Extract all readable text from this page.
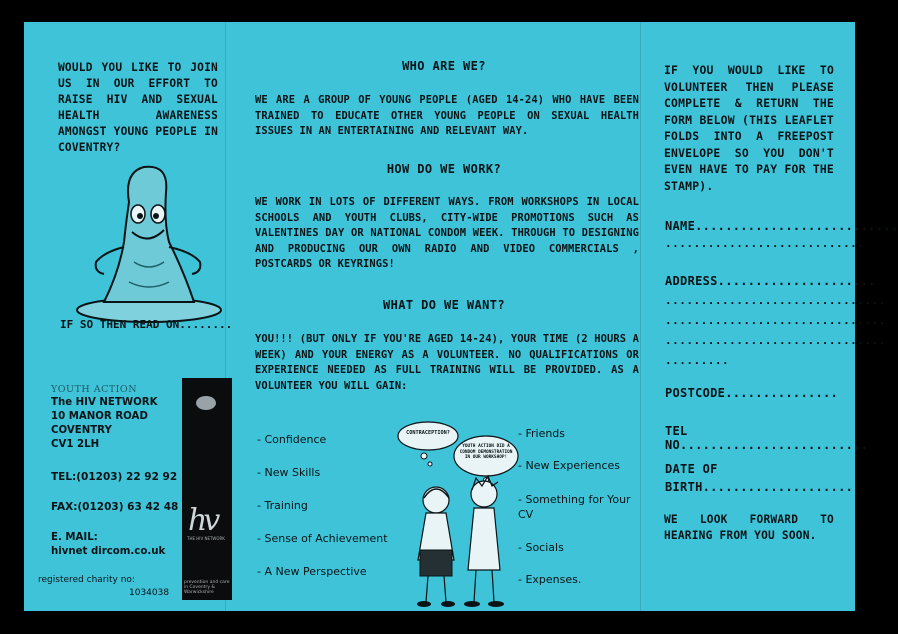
WOULD YOU LIKE TO JOIN US IN OUR EFFORT TO RAISE HIV AND SEXUAL HEALTH AWARENESS AMONGST YOUNG PEOPLE IN COVENTRY?

IF SO THEN READ ON........

YOUTH ACTION

The HIV NETWORK
10 MANOR ROAD
COVENTRY
CV1 2LH

TEL:(01203) 22 92 92

FAX:(01203) 63 42 48

E. MAIL:
hivnet dircom.co.uk

registered charity no:

1034038

hv
THE HIV NETWORK
prevention and care in Coventry & Warwickshire

WHO ARE WE?

WE ARE A GROUP OF YOUNG PEOPLE (AGED 14-24) WHO HAVE BEEN TRAINED TO EDUCATE OTHER YOUNG PEOPLE ON SEXUAL HEALTH ISSUES IN AN ENTERTAINING AND RELEVANT WAY.

HOW DO WE WORK?

WE WORK IN LOTS OF DIFFERENT WAYS. FROM WORKSHOPS IN LOCAL SCHOOLS AND YOUTH CLUBS, CITY-WIDE PROMOTIONS SUCH AS VALENTINES DAY OR NATIONAL CONDOM WEEK. THROUGH TO DESIGNING AND PRODUCING OUR OWN RADIO AND VIDEO COMMERCIALS , POSTCARDS OR KEYRINGS!

WHAT DO WE WANT?

YOU!!! (BUT ONLY IF YOU'RE AGED 14-24), YOUR TIME (2 HOURS A WEEK) AND YOUR ENERGY AS A VOLUNTEER. NO QUALIFICATIONS OR EXPERIENCE NEEDED AS FULL TRAINING WILL BE PROVIDED. AS A VOLUNTEER YOU WILL GAIN:

- Confidence

- New Skills

- Training

- Sense of Achievement

- A New Perspective

- Friends

- New Experiences

- Something for Your CV

- Socials

- Expenses.

CONTRACEPTION?

YOUTH ACTION DID A CONDOM DEMONSTRATION IN OUR WORKSHOP!

IF YOU WOULD LIKE TO VOLUNTEER THEN PLEASE COMPLETE & RETURN THE FORM BELOW (THIS LEAFLET FOLDS INTO A FREEPOST ENVELOPE SO YOU DON'T EVEN HAVE TO PAY FOR THE STAMP).

NAME...........................

............................

ADDRESS.....................

...............................

...............................

...............................

.........

POSTCODE...............

TEL NO.........................

DATE OF

BIRTH....................

WE LOOK FORWARD TO HEARING FROM YOU SOON.
